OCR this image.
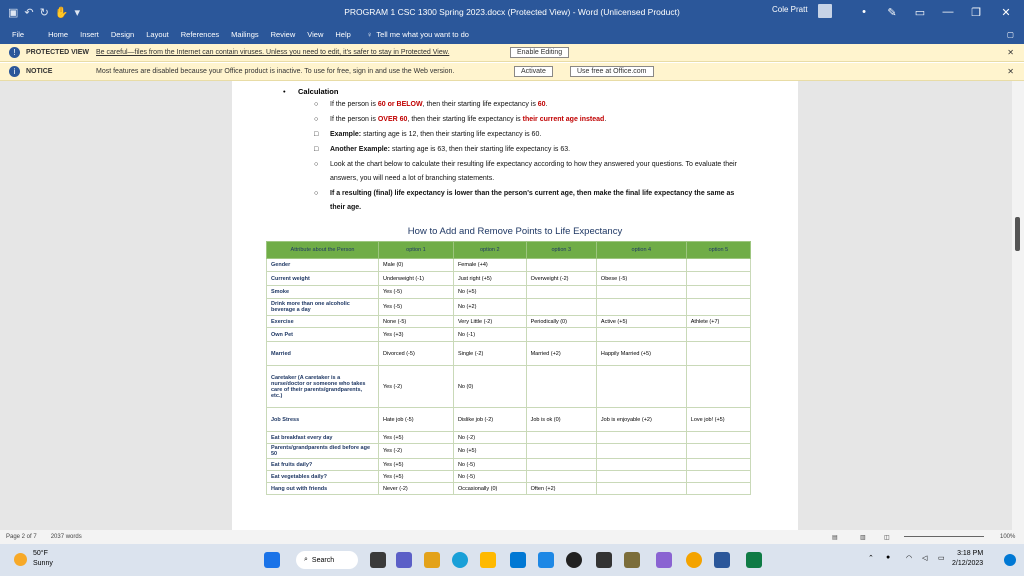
▣ ↶ ↻ ✋ ▾	PROGRAM 1 CSC 1300 Spring 2023.docx (Protected View) - Word (Unlicensed Product)	Cole Pratt	•	✎	▭	—	❐	✕
File	Home	Insert	Design	Layout	References	Mailings	Review	View	Help	♀ Tell me what you want to do	▢
!	PROTECTED VIEW Be careful—files from the Internet can contain viruses. Unless you need to edit, it's safer to stay in Protected View.	Enable Editing	✕
i	NOTICE	Most features are disabled because your Office product is inactive. To use for free, sign in and use the Web version.	Activate	Use free at Office.com	✕
• Calculation
○ If the person is 60 or BELOW, then their starting life expectancy is 60.
○ If the person is OVER 60, then their starting life expectancy is their current age instead.
□ Example: starting age is 12, then their starting life expectancy is 60.
□ Another Example: starting age is 63, then their starting life expectancy is 63.
○ Look at the chart below to calculate their resulting life expectancy according to how they answered your questions. To evaluate their answers, you will need a lot of branching statements.
○ If a resulting (final) life expectancy is lower than the person's current age, then make the final life expectancy the same as their age.
How to Add and Remove Points to Life Expectancy
Attribute about the Person	option 1	option 2	option 3	option 4	option 5
Gender	Male (0)	Female (+4)			
Current weight	Underweight (-1)	Just right (+5)	Overweight (-2)	Obese (-5)	
Smoke	Yes (-5)	No (+5)			
Drink more than one alcoholic beverage a day	Yes (-5)	No (+2)			
Exercise	None (-5)	Very Little (-2)	Periodically (0)	Active (+5)	Athlete (+7)
Own Pet	Yes (+3)	No (-1)			
Married	Divorced (-5)	Single (-2)	Married (+2)	Happily Married (+5)	
Caretaker (A caretaker is a nurse/doctor or someone who takes care of their parents/grandparents, etc.)	Yes (-2)	No (0)			
Job Stress	Hate job (-5)	Dislike job (-2)	Job is ok (0)	Job is enjoyable (+2)	Love job! (+5)
Eat breakfast every day	Yes (+5)	No (-2)			
Parents/grandparents died before age 50	Yes (-2)	No (+5)			
Eat fruits daily?	Yes (+5)	No (-5)			
Eat vegetables daily?	Yes (+5)	No (-5)			
Hang out with friends	Never (-2)	Occasionally (0)	Often (+2)		
Page 2 of 7 2037 words	▤	▥	◫	100%
50°F
Sunny
⌕ Search	⌃ ● ◠ ◁ ▭
3:18 PM
2/12/2023
